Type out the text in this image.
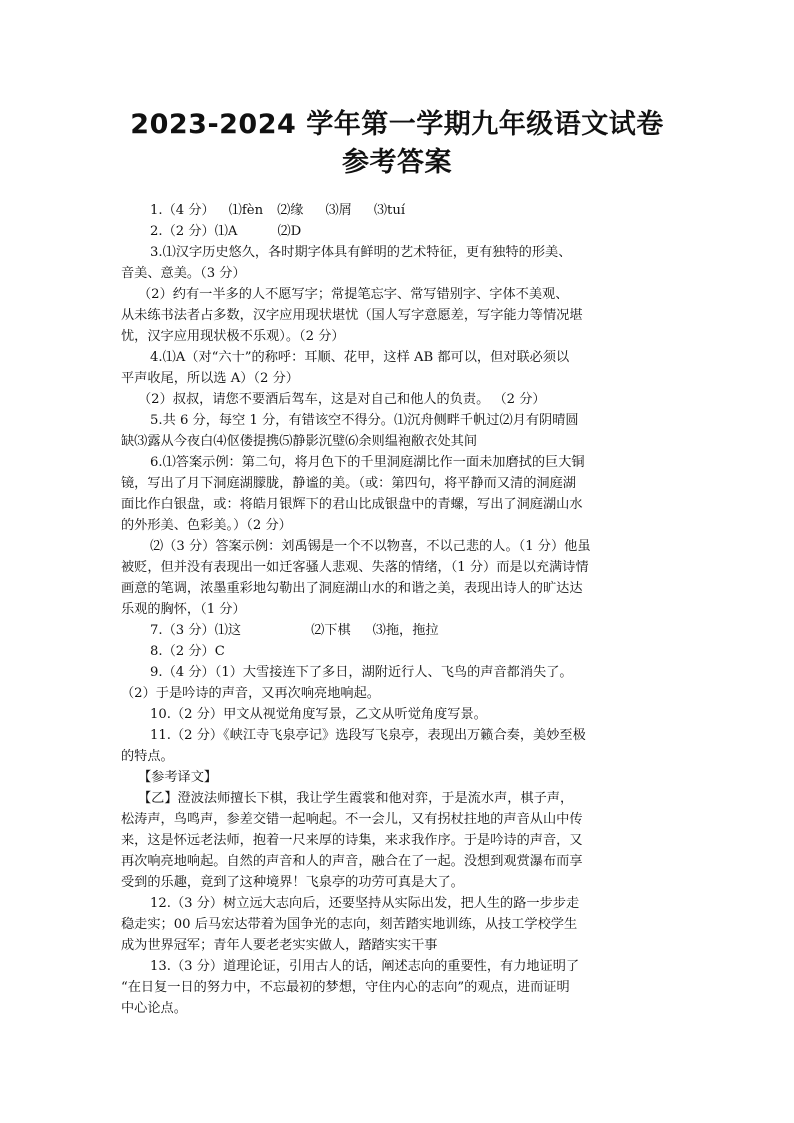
2023-2024 学年第一学期九年级语文试卷
参考答案
1.（4 分） ⑴fèn ⑵缘 ⑶屑 ⑶tuí
2.（2 分）⑴A	⑵D
3.⑴汉字历史悠久，各时期字体具有鲜明的艺术特征，更有独特的形美、
音美、意美。（3 分）
（2）约有一半多的人不愿写字；常提笔忘字、常写错别字、字体不美观、
从未练书法者占多数，汉字应用现状堪忧（国人写字意愿差，写字能力等情况堪
忧，汉字应用现状极不乐观）。（2 分）
4.⑴A（对“六十”的称呼：耳顺、花甲，这样 AB 都可以，但对联必须以
平声收尾，所以选 A）（2 分）
（2）叔叔，请您不要酒后驾车，这是对自己和他人的负责。 （2 分）
5.共 6 分，每空 1 分，有错该空不得分。⑴沉舟侧畔千帆过⑵月有阴晴圆
缺⑶露从今夜白⑷伛偻提携⑸静影沉璧⑹余则缊袍敝衣处其间
6.⑴答案示例：第二句，将月色下的千里洞庭湖比作一面未加磨拭的巨大铜
镜，写出了月下洞庭湖朦胧，静谧的美。（或：第四句，将平静而又清的洞庭湖
面比作白银盘，或：将皓月银辉下的君山比成银盘中的青螺，写出了洞庭湖山水
的外形美、色彩美。）（2 分）
⑵（3 分）答案示例：刘禹锡是一个不以物喜，不以己悲的人。（1 分）他虽
被贬，但并没有表现出一如迁客骚人悲观、失落的情绪，（1 分）而是以充满诗情
画意的笔调，浓墨重彩地勾勒出了洞庭湖山水的和谐之美，表现出诗人的旷达达
乐观的胸怀，（1 分）
7.（3 分）⑴这	⑵下棋 ⑶拖，拖拉
8.（2 分）C
9.（4 分）（1）大雪接连下了多日，湖附近行人、飞鸟的声音都消失了。
（2）于是吟诗的声音，又再次响亮地响起。
10.（2 分）甲文从视觉角度写景，乙文从听觉角度写景。
11.（2 分）《峡江寺飞泉亭记》选段写飞泉亭，表现出万籁合奏，美妙至极
的特点。
【参考译文】
【乙】澄波法师擅长下棋，我让学生霞裳和他对弈，于是流水声，棋子声，
松涛声，鸟鸣声，参差交错一起响起。不一会儿，又有拐杖拄地的声音从山中传
来，这是怀远老法师，抱着一尺来厚的诗集，来求我作序。于是吟诗的声音，又
再次响亮地响起。自然的声音和人的声音，融合在了一起。没想到观赏瀑布而享
受到的乐趣，竟到了这种境界！飞泉亭的功劳可真是大了。
12.（3 分）树立远大志向后，还要坚持从实际出发，把人生的路一步步走
稳走实；00 后马宏达带着为国争光的志向，刻苦踏实地训练，从技工学校学生
成为世界冠军；青年人要老老实实做人，踏踏实实干事
13.（3 分）道理论证，引用古人的话，阐述志向的重要性，有力地证明了
“在日复一日的努力中，不忘最初的梦想，守住内心的志向”的观点，进而证明
中心论点。
